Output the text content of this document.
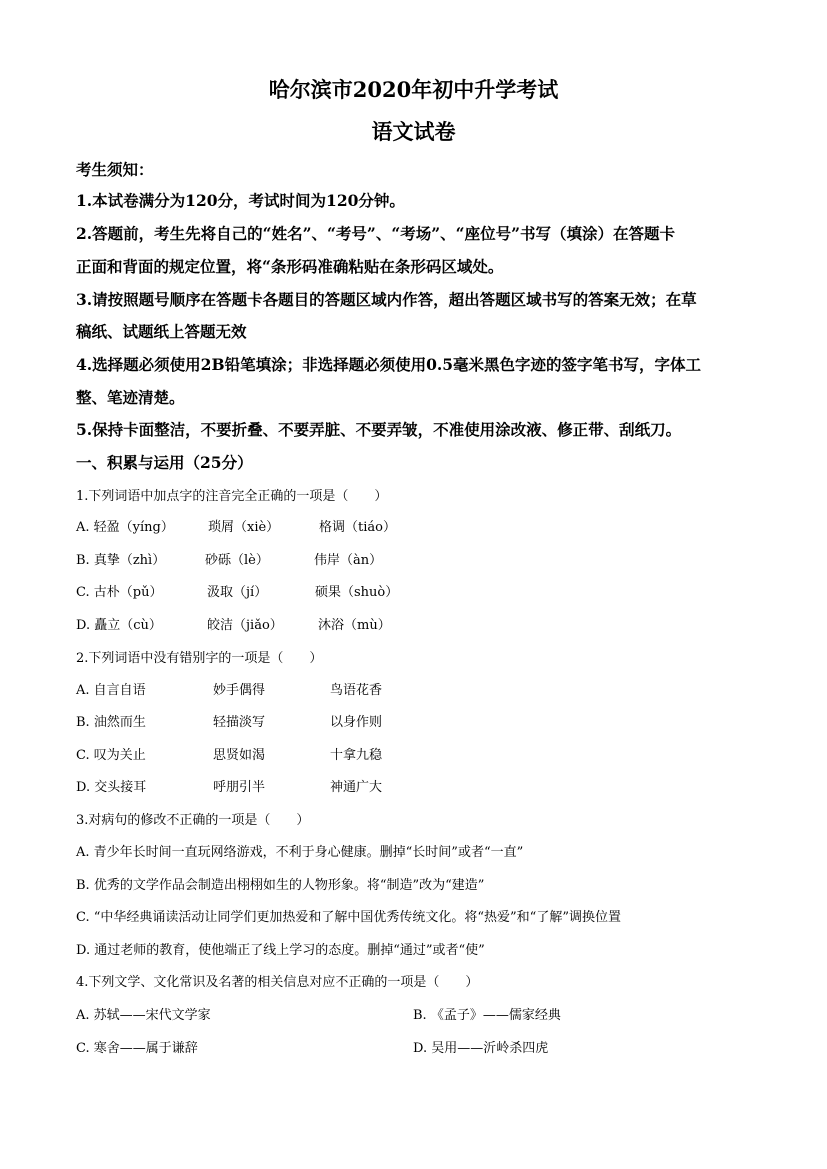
哈尔滨市2020年初中升学考试
语文试卷
考生须知：
1.本试卷满分为120分，考试时间为120分钟。
2.答题前，考生先将自己的“姓名”、“考号”、“考场”、“座位号”书写（填涂）在答题卡
正面和背面的规定位置，将“条形码准确粘贴在条形码区域处。
3.请按照题号顺序在答题卡各题目的答题区域内作答，超出答题区域书写的答案无效；在草
稿纸、试题纸上答题无效
4.选择题必须使用2B铅笔填涂；非选择题必须使用0.5毫米黑色字迹的签字笔书写，字体工
整、笔迹清楚。
5.保持卡面整洁，不要折叠、不要弄脏、不要弄皱，不准使用涂改液、修正带、刮纸刀。
一、积累与运用（25分）
1.下列词语中加点字的注音完全正确的一项是（　　）
A. 轻盈（yíng）	琐屑（xiè）	格调（tiáo）
B. 真挚（zhì）	砂砾（lè）	伟岸（àn）
C. 古朴（pǔ）	汲取（jí）	硕果（shuò）
D. 矗立（cù）	皎洁（jiǎo）	沐浴（mù）
2.下列词语中没有错别字的一项是（　　）
A. 自言自语	妙手偶得	鸟语花香
B. 油然而生	轻描淡写	以身作则
C. 叹为关止	思贤如渴	十拿九稳
D. 交头接耳	呼朋引半	神通广大
3.对病句的修改不正确的一项是（　　）
A. 青少年长时间一直玩网络游戏，不利于身心健康。删掉“长时间”或者“一直”
B. 优秀的文学作品会制造出栩栩如生的人物形象。将“制造”改为“建造”
C. “中华经典诵读活动让同学们更加热爱和了解中国优秀传统文化。将“热爱”和“了解”调换位置
D. 通过老师的教育，使他端正了线上学习的态度。删掉“通过”或者“使”
4.下列文学、文化常识及名著的相关信息对应不正确的一项是（　　）
A. 苏轼——宋代文学家	B. 《孟子》——儒家经典
C. 寒舍——属于谦辞	D. 吴用——沂岭杀四虎
